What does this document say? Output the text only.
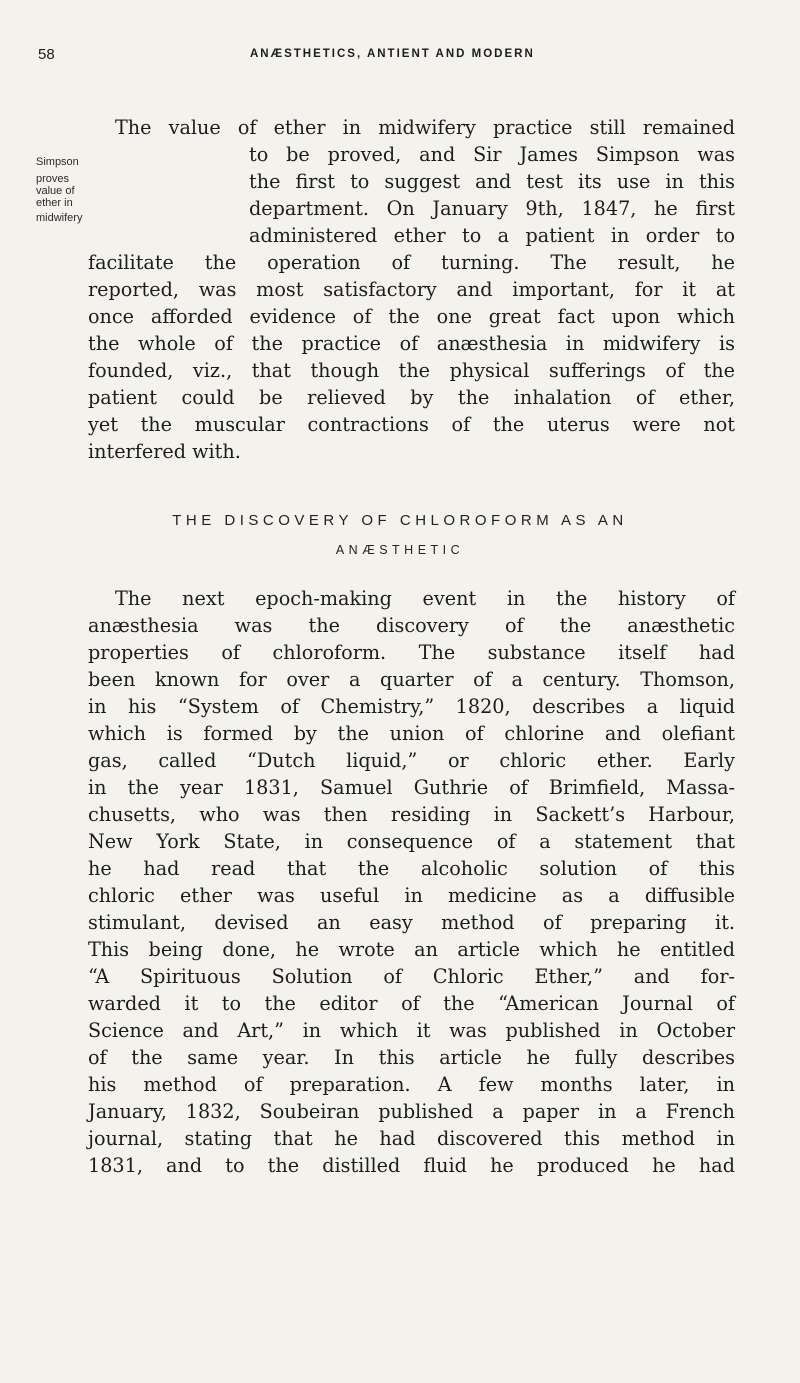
58	ANÆSTHETICS, ANTIENT AND MODERN
Simpson
proves
value of
ether in
midwifery
The value of ether in midwifery practice still remained
to be proved, and Sir James Simpson was
the first to suggest and test its use in this
department. On January 9th, 1847, he first
administered ether to a patient in order to
facilitate the operation of turning. The result, he
reported, was most satisfactory and important, for it at
once afforded evidence of the one great fact upon which
the whole of the practice of anæsthesia in midwifery is
founded, viz., that though the physical sufferings of the
patient could be relieved by the inhalation of ether,
yet the muscular contractions of the uterus were not
interfered with.
THE DISCOVERY OF CHLOROFORM AS AN
ANÆSTHETIC
The next epoch-making event in the history of
anæsthesia was the discovery of the anæsthetic
properties of chloroform. The substance itself had
been known for over a quarter of a century. Thomson,
in his “System of Chemistry,” 1820, describes a liquid
which is formed by the union of chlorine and olefiant
gas, called “Dutch liquid,” or chloric ether. Early
in the year 1831, Samuel Guthrie of Brimfield, Massa-
chusetts, who was then residing in Sackett’s Harbour,
New York State, in consequence of a statement that
he had read that the alcoholic solution of this
chloric ether was useful in medicine as a diffusible
stimulant, devised an easy method of preparing it.
This being done, he wrote an article which he entitled
“A Spirituous Solution of Chloric Ether,” and for-
warded it to the editor of the “American Journal of
Science and Art,” in which it was published in October
of the same year. In this article he fully describes
his method of preparation. A few months later, in
January, 1832, Soubeiran published a paper in a French
journal, stating that he had discovered this method in
1831, and to the distilled fluid he produced he had
